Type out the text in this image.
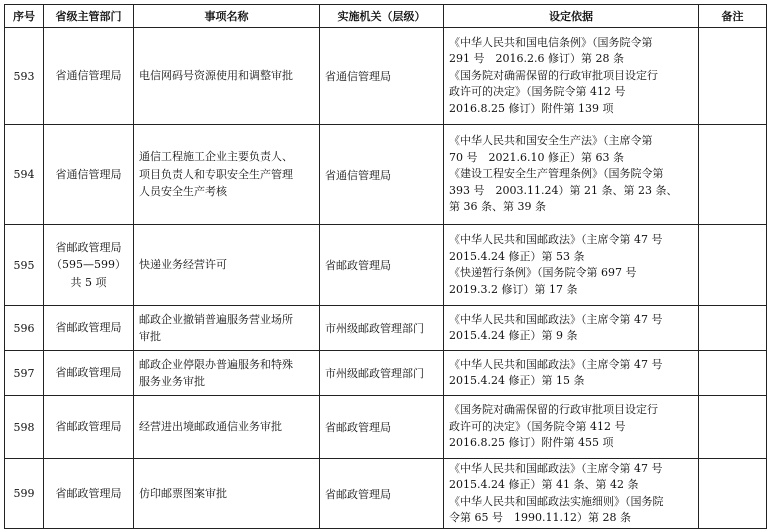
序号	省级主管部门	事项名称	实施机关（层级）	设定依据	备注
593	省通信管理局	电信网码号资源使用和调整审批	省通信管理局	《中华人民共和国电信条例》（国务院令第
291 号　2016.2.6 修订）第 28 条
《国务院对确需保留的行政审批项目设定行
政许可的决定》（国务院令第 412 号
2016.8.25 修订）附件第 139 项	

594	省通信管理局	通信工程施工企业主要负责人、
项目负责人和专职安全生产管理
人员安全生产考核	省通信管理局	《中华人民共和国安全生产法》（主席令第
70 号　2021.6.10 修正）第 63 条
《建设工程安全生产管理条例》（国务院令第
393 号　2003.11.24）第 21 条、第 23 条、
第 36 条、第 39 条	

595	省邮政管理局
（595—599）
共 5 项	快递业务经营许可	省邮政管理局	《中华人民共和国邮政法》（主席令第 47 号
2015.4.24 修正）第 53 条
《快递暂行条例》（国务院令第 697 号
2019.3.2 修订）第 17 条	

596	省邮政管理局	邮政企业撤销普遍服务营业场所
审批	市州级邮政管理部门	《中华人民共和国邮政法》（主席令第 47 号
2015.4.24 修正）第 9 条	

597	省邮政管理局	邮政企业停限办普遍服务和特殊
服务业务审批	市州级邮政管理部门	《中华人民共和国邮政法》（主席令第 47 号
2015.4.24 修正）第 15 条	

598	省邮政管理局	经营进出境邮政通信业务审批	省邮政管理局	《国务院对确需保留的行政审批项目设定行
政许可的决定》（国务院令第 412 号
2016.8.25 修订）附件第 455 项	

599	省邮政管理局	仿印邮票图案审批	省邮政管理局	《中华人民共和国邮政法》（主席令第 47 号
2015.4.24 修正）第 41 条、第 42 条
《中华人民共和国邮政法实施细则》（国务院
令第 65 号　1990.11.12）第 28 条	
